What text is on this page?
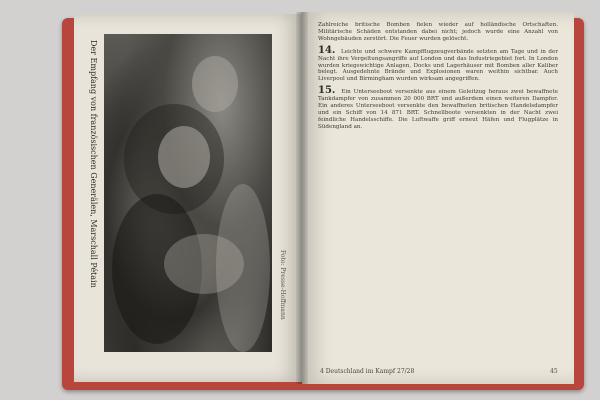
Der Empfang von französischen Generälen, Marschall Pétain	Foto: Presse-Hoffmann

Zahlreiche britische Bomben fielen wieder auf holländische Ortschaften. Militärische Schäden entstanden dabei nicht; jedoch wurde eine Anzahl von Wohngebäuden zerstört. Die Feuer wurden gelöscht.

14. Leichte und schwere Kampfflugzeugverbände setzten am Tage und in der Nacht ihre Vergeltungsangriffe auf London und das Industriegebiet fort. In London wurden kriegswichtige Anlagen, Docks und Lagerhäuser mit Bomben aller Kaliber belegt. Ausgedehnte Brände und Explosionen waren weithin sichtbar. Auch Liverpool und Birmingham wurden wirksam angegriffen.

15. Ein Unterseeboot versenkte aus einem Geleitzug heraus zwei bewaffnete Tankdampfer von zusammen 20 000 BRT und außerdem einen weiteren Dampfer. Ein anderes Unterseeboot versenkte den bewaffneten britischen Handelsdampfer und ein Schiff von 14 871 BRT. Schnellboote versenkten in der Nacht zwei feindliche Handelsschiffe. Die Luftwaffe griff erneut Häfen und Flugplätze in Südengland an.

4 Deutschland im Kampf 27/28	45
